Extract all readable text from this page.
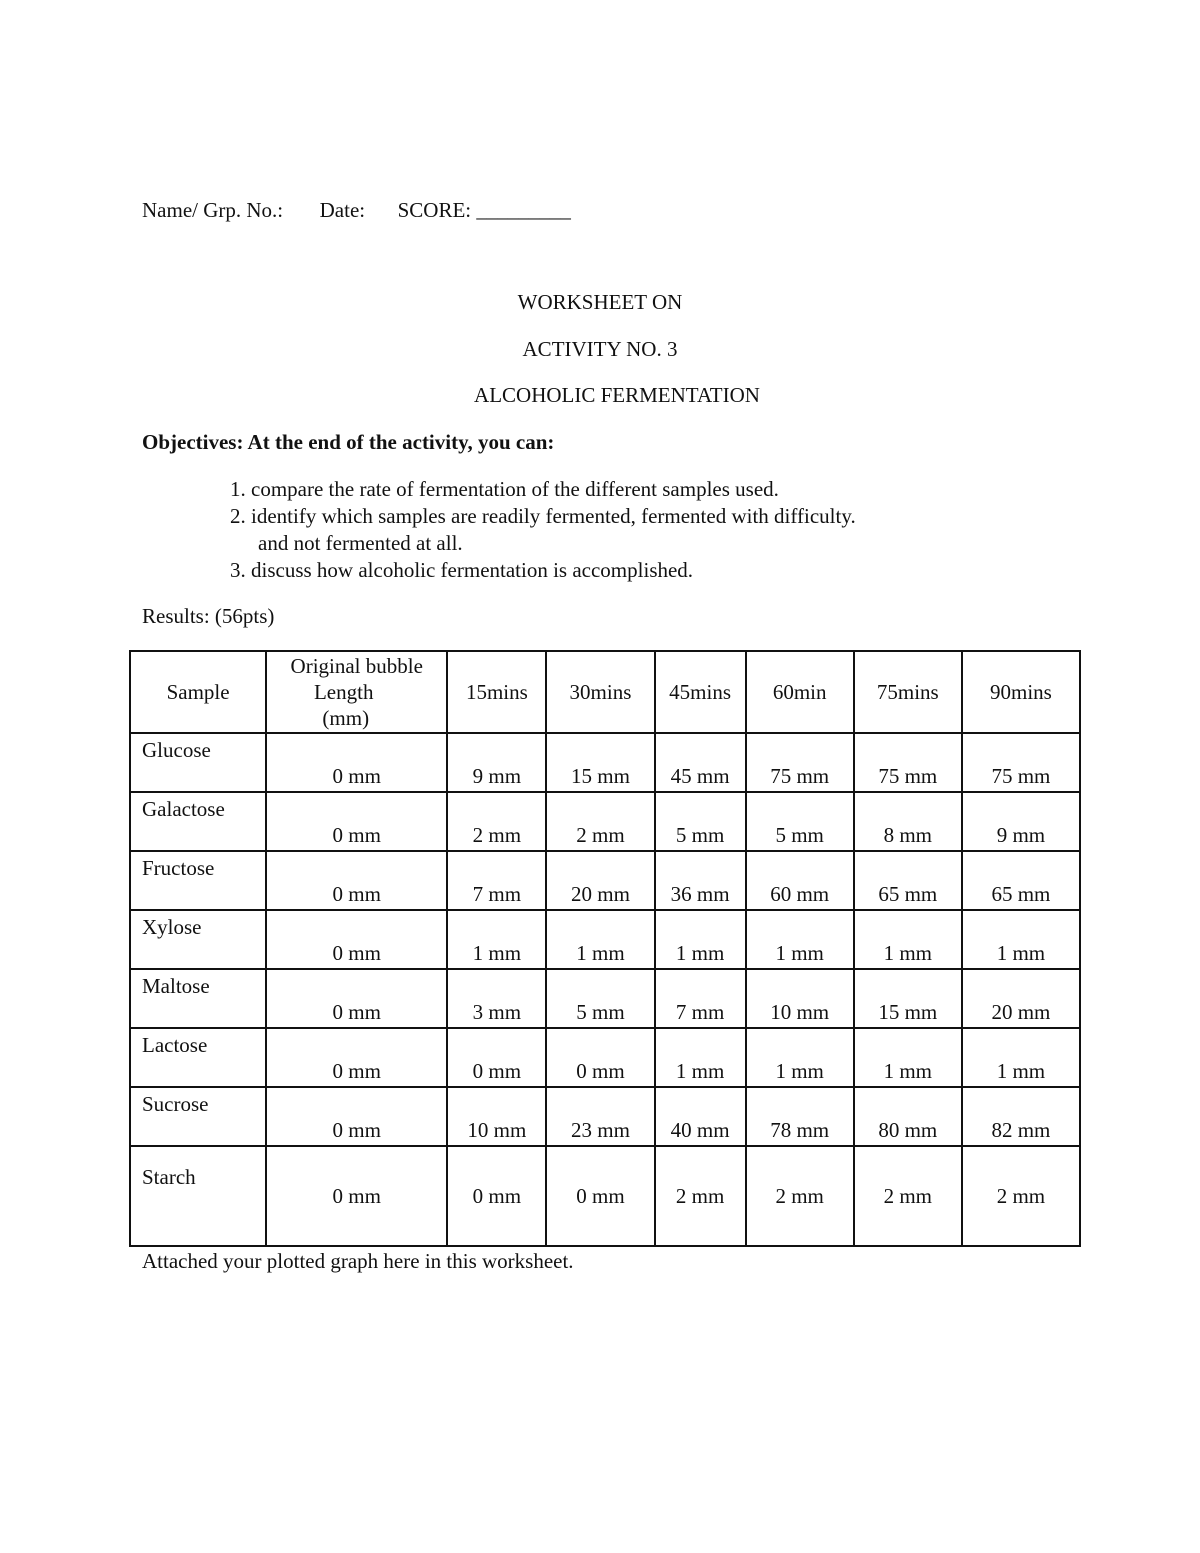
Name/ Grp. No.: Date: SCORE: _________
WORKSHEET ON
ACTIVITY NO. 3
ALCOHOLIC FERMENTATION
Objectives: At the end of the activity, you can:
1. compare the rate of fermentation of the different samples used.
2. identify which samples are readily fermented, fermented with difficulty.
and not fermented at all.
3. discuss how alcoholic fermentation is accomplished.
Results: (56pts)
Sample	Original bubble
Length
(mm)	15mins	30mins	45mins	60min	75mins	90mins
Glucose	0 mm	9 mm	15 mm	45 mm	75 mm	75 mm	75 mm
Galactose	0 mm	2 mm	2 mm	5 mm	5 mm	8 mm	9 mm
Fructose	0 mm	7 mm	20 mm	36 mm	60 mm	65 mm	65 mm
Xylose	0 mm	1 mm	1 mm	1 mm	1 mm	1 mm	1 mm
Maltose	0 mm	3 mm	5 mm	7 mm	10 mm	15 mm	20 mm
Lactose	0 mm	0 mm	0 mm	1 mm	1 mm	1 mm	1 mm
Sucrose	0 mm	10 mm	23 mm	40 mm	78 mm	80 mm	82 mm
Starch	0 mm	0 mm	0 mm	2 mm	2 mm	2 mm	2 mm
Attached your plotted graph here in this worksheet.
